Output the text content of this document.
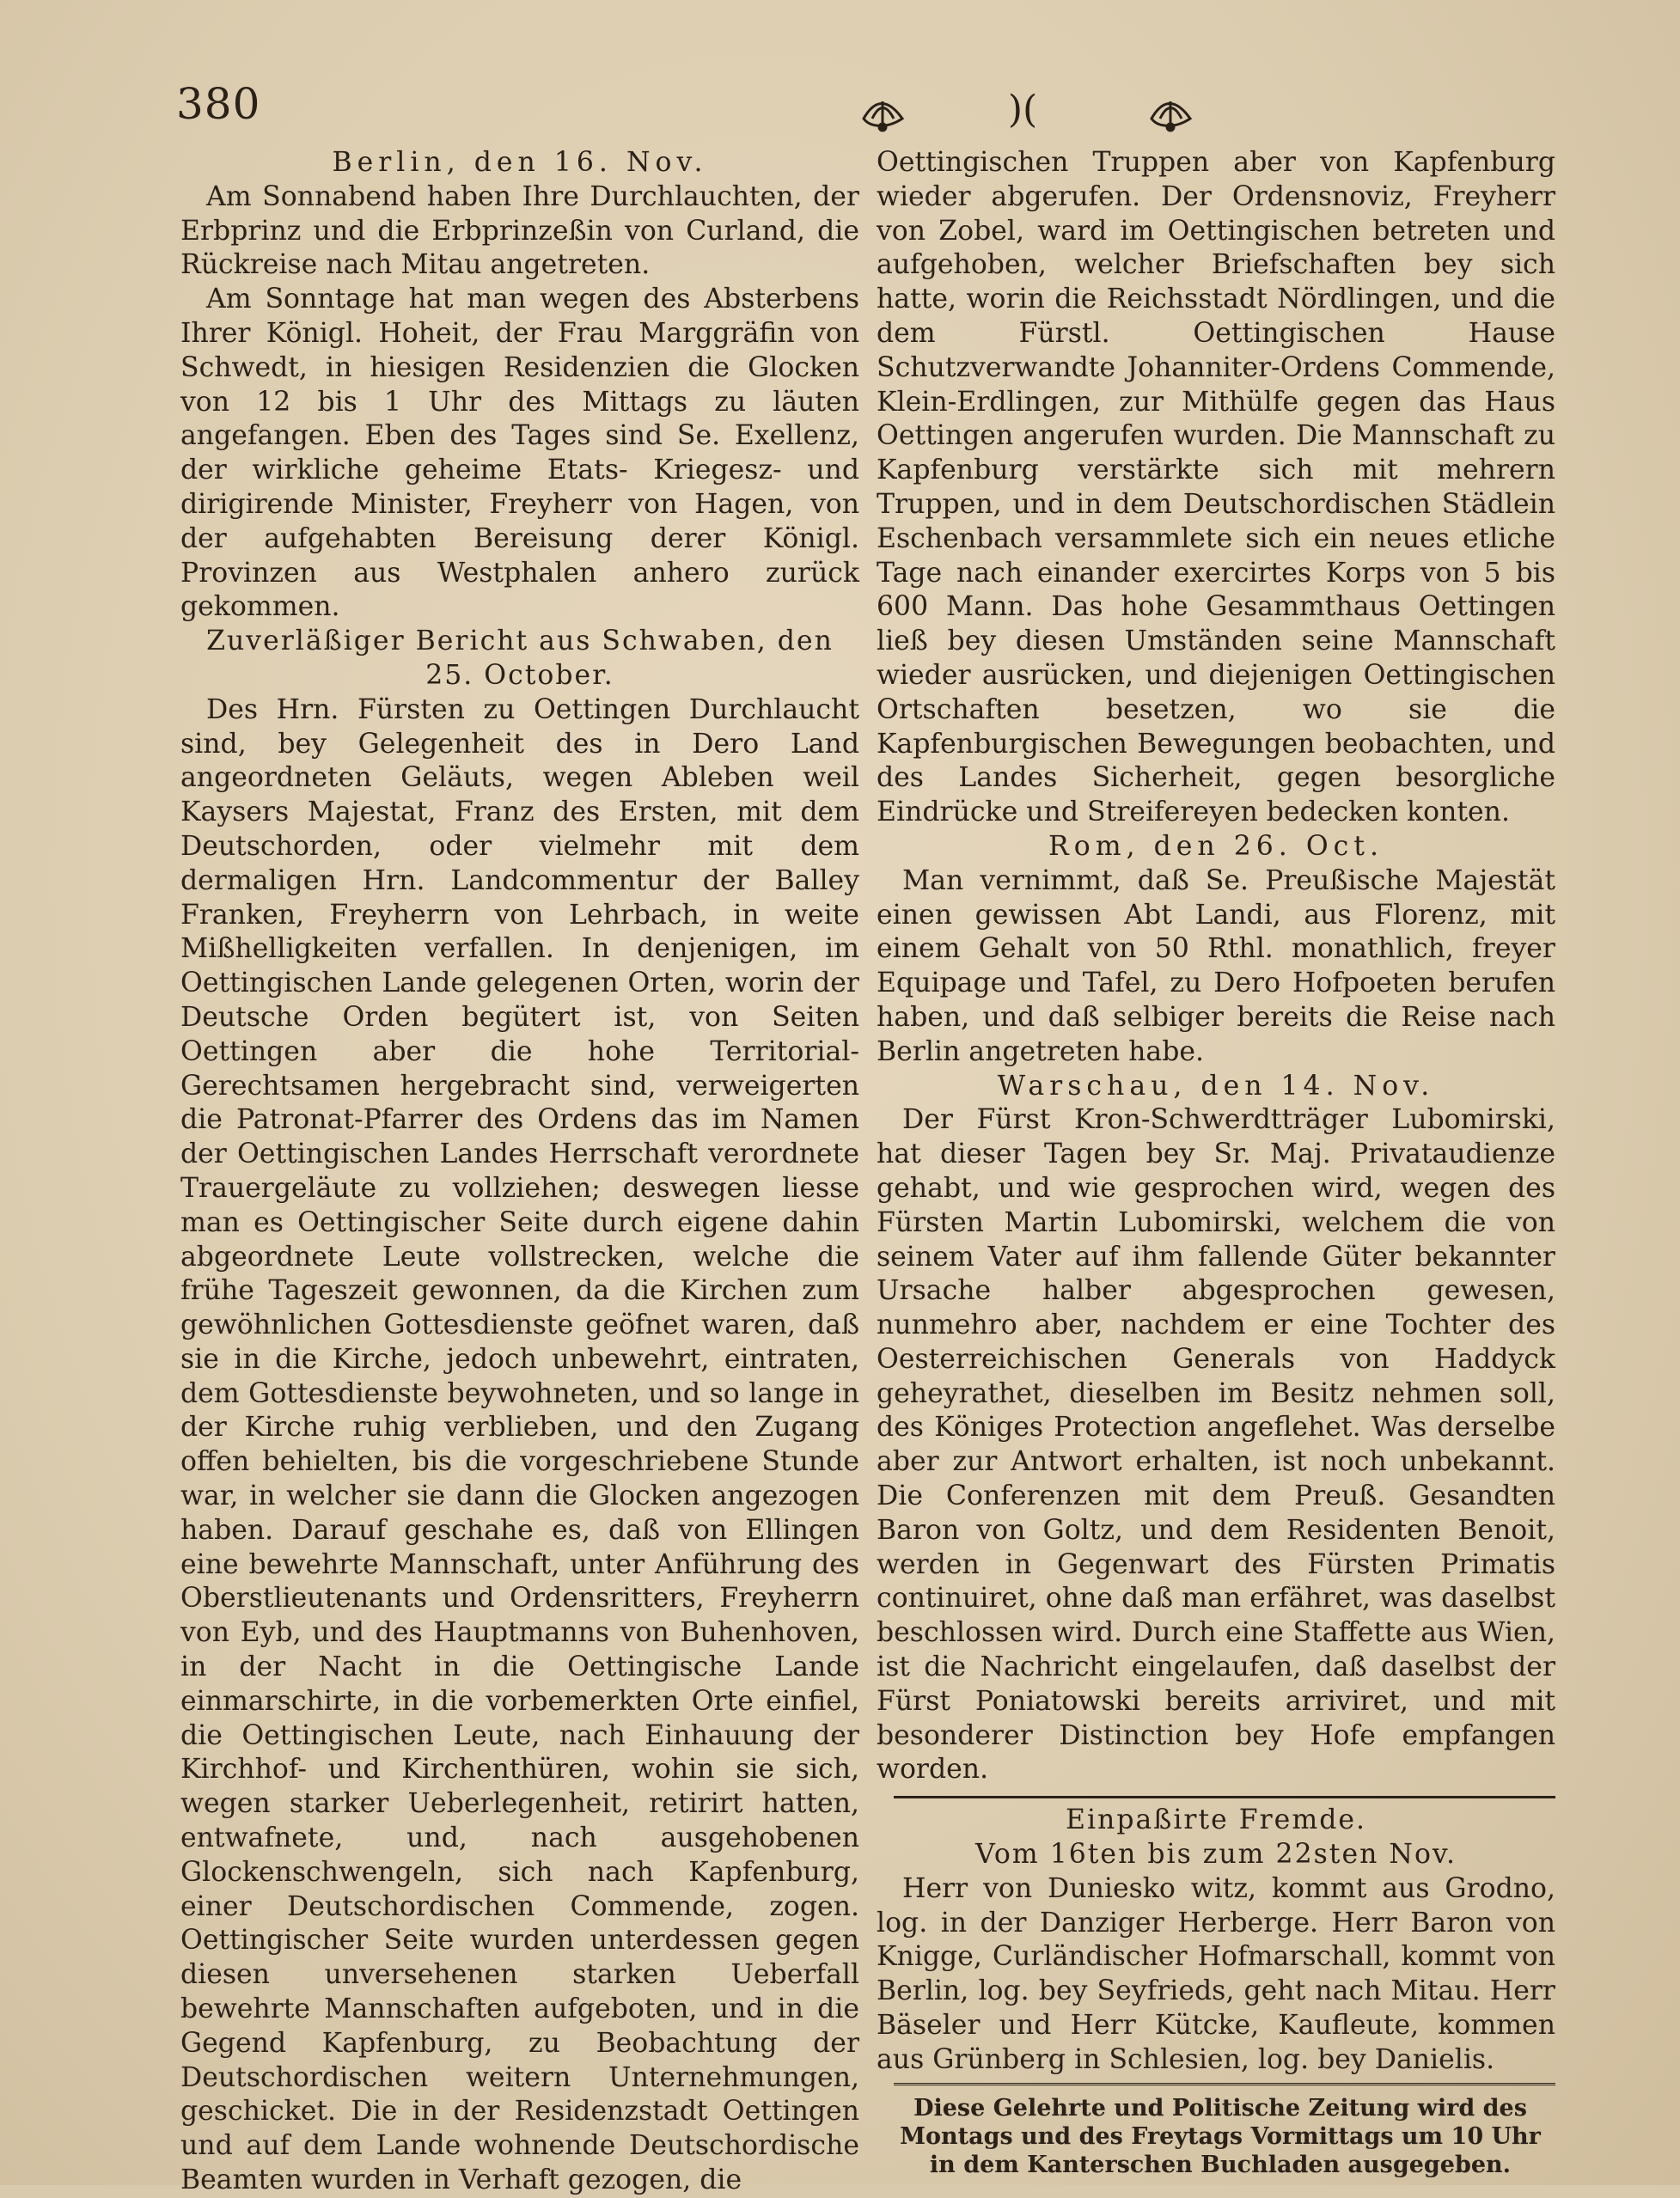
380	)(

Berlin, den 16. Nov.

Am Sonnabend haben Ihre Durchlauchten, der Erbprinz und die Erbprinzeßin von Curland, die Rückreise nach Mitau angetreten.

Am Sonntage hat man wegen des Absterbens Ihrer Königl. Hoheit, der Frau Marggräfin von Schwedt, in hiesigen Residenzien die Glocken von 12 bis 1 Uhr des Mittags zu läuten angefangen. Eben des Tages sind Se. Exellenz, der wirkliche geheime Etats- Kriegesz- und dirigirende Minister, Freyherr von Hagen, von der aufgehabten Bereisung derer Königl. Provinzen aus Westphalen anhero zurück gekommen.

Zuverläßiger Bericht aus Schwaben, den

25. October.

Des Hrn. Fürsten zu Oettingen Durchlaucht sind, bey Gelegenheit des in Dero Land angeordneten Geläuts, wegen Ableben weil Kaysers Majestat, Franz des Ersten, mit dem Deutschorden, oder vielmehr mit dem dermaligen Hrn. Landcommentur der Balley Franken, Freyherrn von Lehrbach, in weite Mißhelligkeiten verfallen. In denjenigen, im Oettingischen Lande gelegenen Orten, worin der Deutsche Orden begütert ist, von Seiten Oettingen aber die hohe Territorial-Gerechtsamen hergebracht sind, verweigerten die Patronat-Pfarrer des Ordens das im Namen der Oettingischen Landes Herrschaft verordnete Trauergeläute zu vollziehen; deswegen liesse man es Oettingischer Seite durch eigene dahin abgeordnete Leute vollstrecken, welche die frühe Tageszeit gewonnen, da die Kirchen zum gewöhnlichen Gottesdienste geöfnet waren, daß sie in die Kirche, jedoch unbewehrt, eintraten, dem Gottesdienste beywohneten, und so lange in der Kirche ruhig verblieben, und den Zugang offen behielten, bis die vorgeschriebene Stunde war, in welcher sie dann die Glocken angezogen haben. Darauf geschahe es, daß von Ellingen eine bewehrte Mannschaft, unter Anführung des Oberstlieutenants und Ordensritters, Freyherrn von Eyb, und des Hauptmanns von Buhenhoven, in der Nacht in die Oettingische Lande einmarschirte, in die vorbemerkten Orte einfiel, die Oettingischen Leute, nach Einhauung der Kirchhof- und Kirchenthüren, wohin sie sich, wegen starker Ueberlegenheit, retirirt hatten, entwafnete, und, nach ausgehobenen Glockenschwengeln, sich nach Kapfenburg, einer Deutschordischen Commende, zogen. Oettingischer Seite wurden unterdessen gegen diesen unversehenen starken Ueberfall bewehrte Mannschaften aufgeboten, und in die Gegend Kapfenburg, zu Beobachtung der Deutschordischen weitern Unternehmungen, geschicket. Die in der Residenzstadt Oettingen und auf dem Lande wohnende Deutschordische Beamten wurden in Verhaft gezogen, die

Oettingischen Truppen aber von Kapfenburg wieder abgerufen. Der Ordensnoviz, Freyherr von Zobel, ward im Oettingischen betreten und aufgehoben, welcher Briefschaften bey sich hatte, worin die Reichsstadt Nördlingen, und die dem Fürstl. Oettingischen Hause Schutzverwandte Johanniter-Ordens Commende, Klein-Erdlingen, zur Mithülfe gegen das Haus Oettingen angerufen wurden. Die Mannschaft zu Kapfenburg verstärkte sich mit mehrern Truppen, und in dem Deutschordischen Städlein Eschenbach versammlete sich ein neues etliche Tage nach einander exercirtes Korps von 5 bis 600 Mann. Das hohe Gesammthaus Oettingen ließ bey diesen Umständen seine Mannschaft wieder ausrücken, und diejenigen Oettingischen Ortschaften besetzen, wo sie die Kapfenburgischen Bewegungen beobachten, und des Landes Sicherheit, gegen besorgliche Eindrücke und Streifereyen bedecken konten.

Rom, den 26. Oct.

Man vernimmt, daß Se. Preußische Majestät einen gewissen Abt Landi, aus Florenz, mit einem Gehalt von 50 Rthl. monathlich, freyer Equipage und Tafel, zu Dero Hofpoeten berufen haben, und daß selbiger bereits die Reise nach Berlin angetreten habe.

Warschau, den 14. Nov.

Der Fürst Kron-Schwerdtträger Lubomirski, hat dieser Tagen bey Sr. Maj. Privataudienze gehabt, und wie gesprochen wird, wegen des Fürsten Martin Lubomirski, welchem die von seinem Vater auf ihm fallende Güter bekannter Ursache halber abgesprochen gewesen, nunmehro aber, nachdem er eine Tochter des Oesterreichischen Generals von Haddyck geheyrathet, dieselben im Besitz nehmen soll, des Königes Protection angeflehet. Was derselbe aber zur Antwort erhalten, ist noch unbekannt. Die Conferenzen mit dem Preuß. Gesandten Baron von Goltz, und dem Residenten Benoit, werden in Gegenwart des Fürsten Primatis continuiret, ohne daß man erfähret, was daselbst beschlossen wird. Durch eine Staffette aus Wien, ist die Nachricht eingelaufen, daß daselbst der Fürst Poniatowski bereits arriviret, und mit besonderer Distinction bey Hofe empfangen worden.

Einpaßirte Fremde.

Vom 16ten bis zum 22sten Nov.

Herr von Duniesko witz, kommt aus Grodno, log. in der Danziger Herberge. Herr Baron von Knigge, Curländischer Hofmarschall, kommt von Berlin, log. bey Seyfrieds, geht nach Mitau. Herr Bäseler und Herr Kütcke, Kaufleute, kommen aus Grünberg in Schlesien, log. bey Danielis.

Diese Gelehrte und Politische Zeitung wird des Montags und des Freytags Vormittags um 10 Uhr in dem Kanterschen Buchladen ausgegeben.
